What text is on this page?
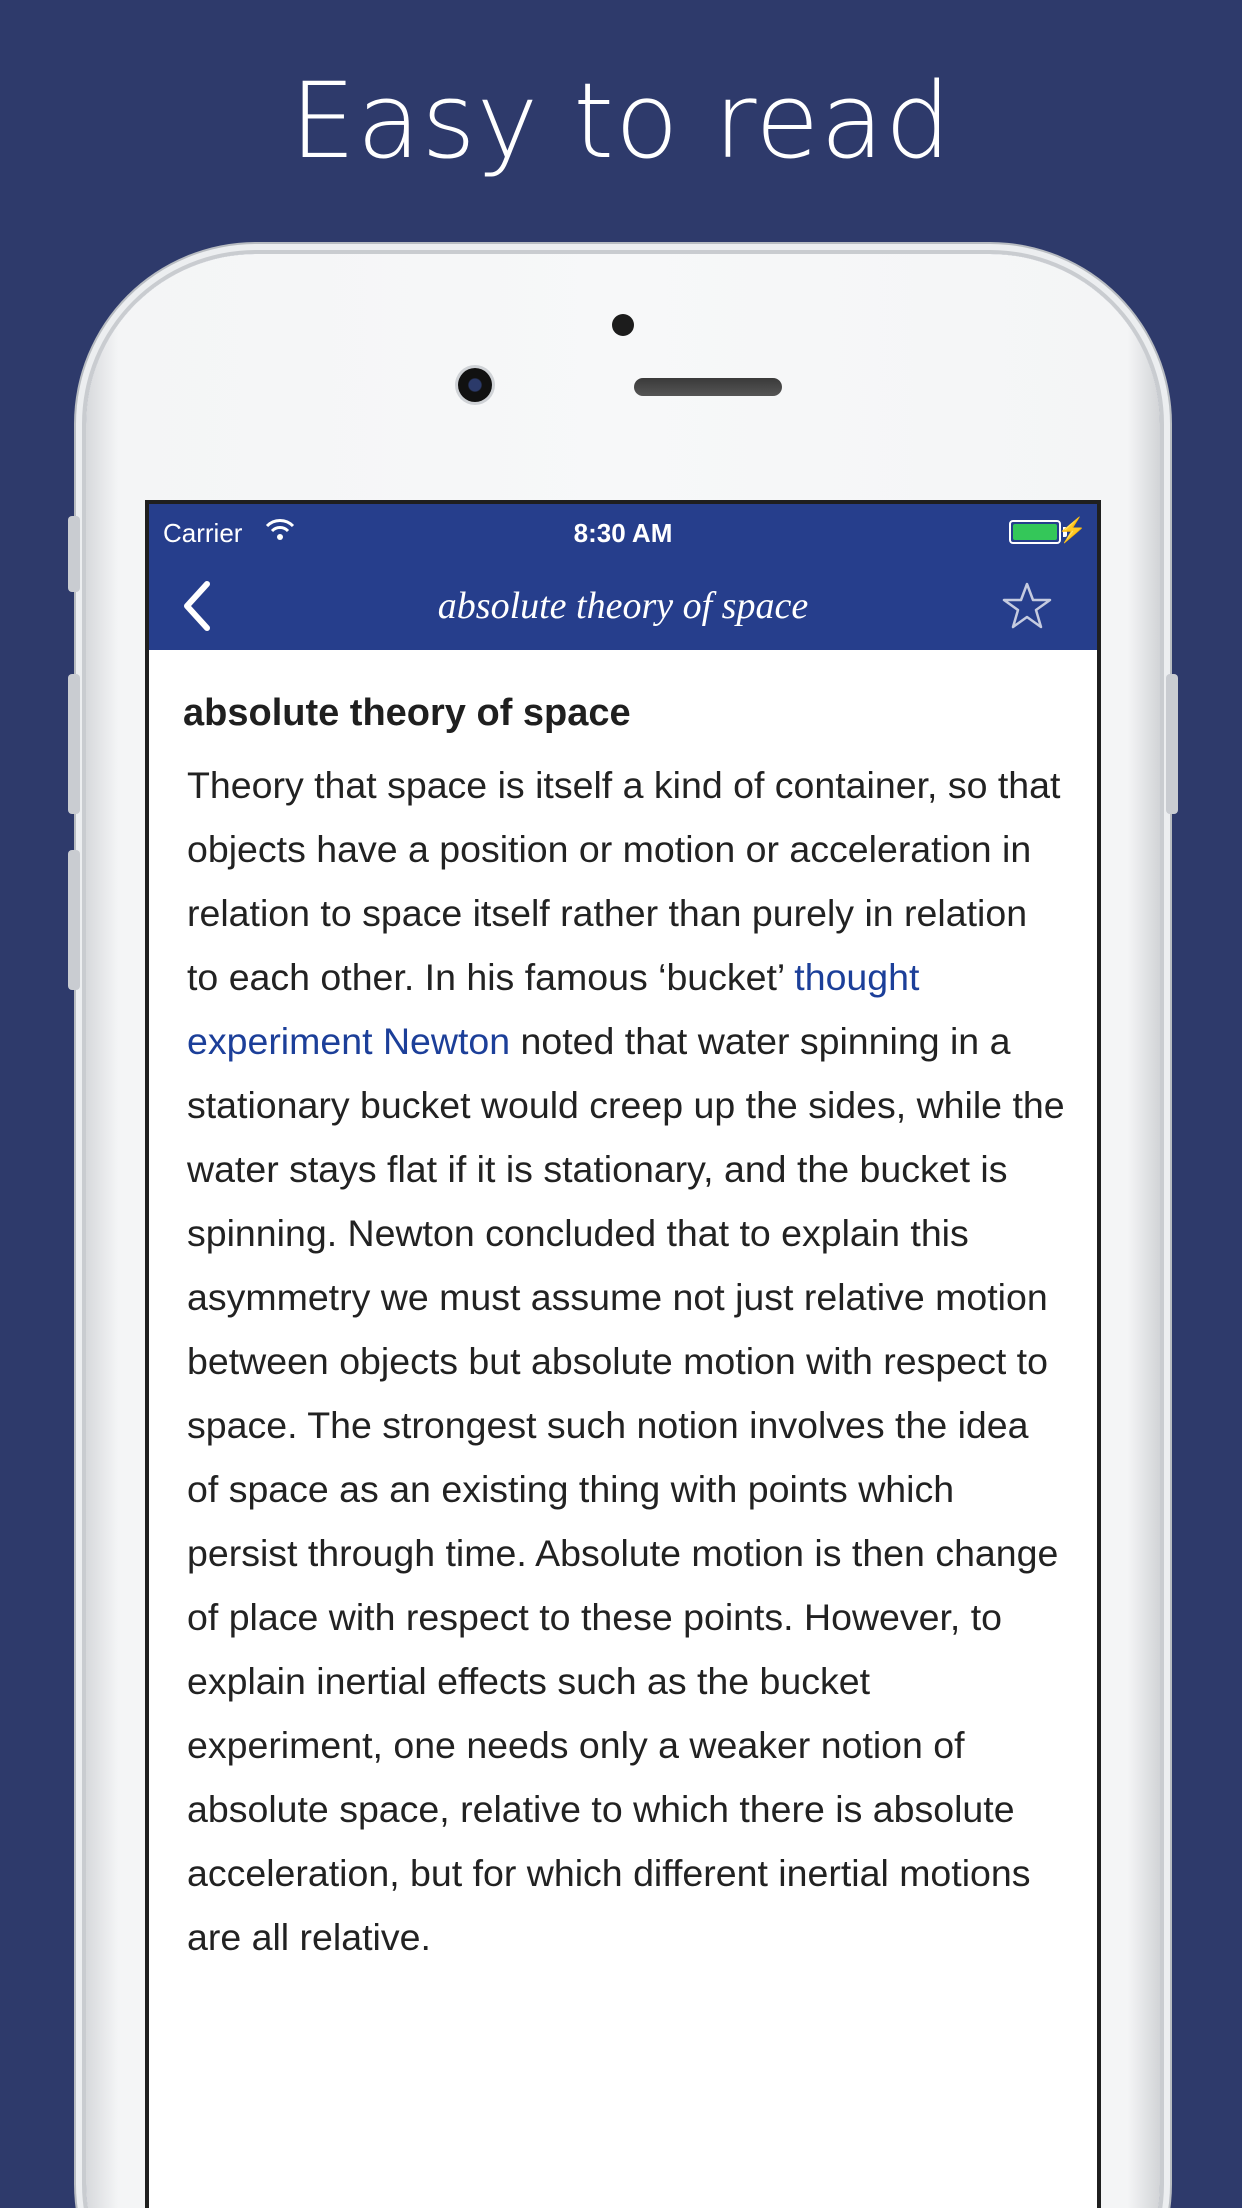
Easy to read
Carrier	8:30 AM	⚡
absolute theory of space
absolute theory of space
Theory that space is itself a kind of container, so that objects have a position or motion or acceleration in relation to space itself rather than purely in relation to each other. In his famous ‘bucket’ thought experiment Newton noted that water spinning in a stationary bucket would creep up the sides, while the water stays flat if it is stationary, and the bucket is spinning. Newton concluded that to explain this asymmetry we must assume not just relative motion between objects but absolute motion with respect to space. The strongest such notion involves the idea of space as an existing thing with points which persist through time. Absolute motion is then change of place with respect to these points. However, to explain inertial effects such as the bucket experiment, one needs only a weaker notion of absolute space, relative to which there is absolute acceleration, but for which different inertial motions are all relative.
